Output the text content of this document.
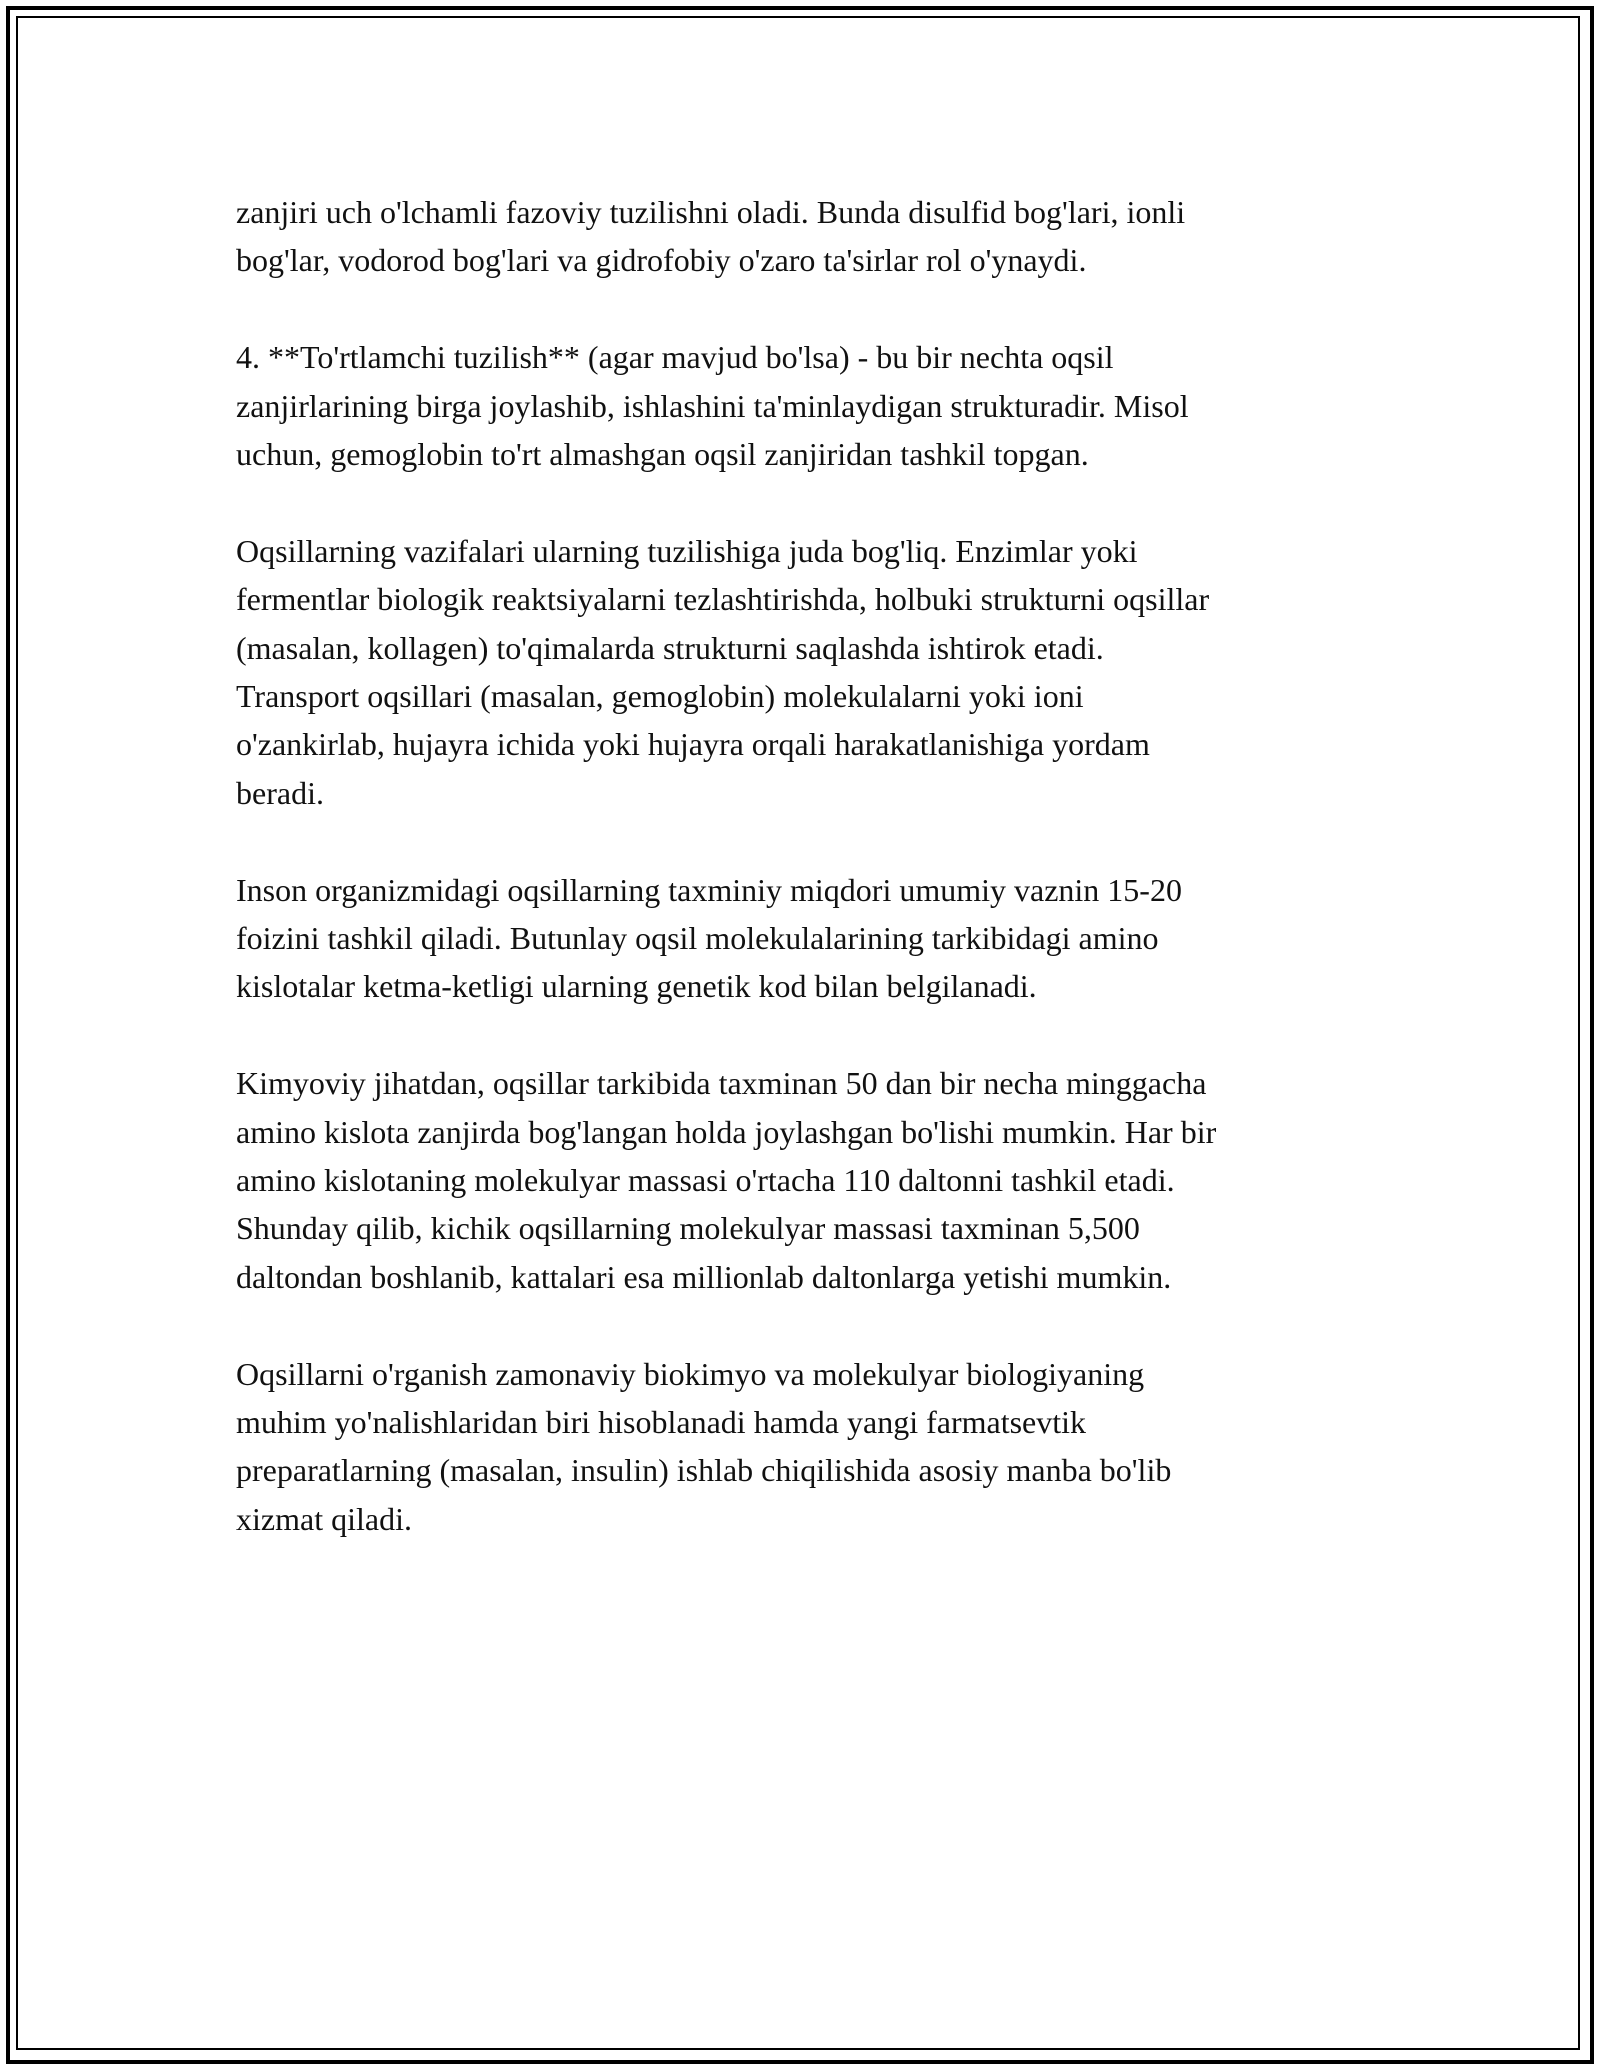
zanjiri uch o'lchamli fazoviy tuzilishni oladi. Bunda disulfid bog'lari, ionli
bog'lar, vodorod bog'lari va gidrofobiy o'zaro ta'sirlar rol o'ynaydi.

4. **To'rtlamchi tuzilish** (agar mavjud bo'lsa) - bu bir nechta oqsil
zanjirlarining birga joylashib, ishlashini ta'minlaydigan strukturadir. Misol
uchun, gemoglobin to'rt almashgan oqsil zanjiridan tashkil topgan.

Oqsillarning vazifalari ularning tuzilishiga juda bog'liq. Enzimlar yoki
fermentlar biologik reaktsiyalarni tezlashtirishda, holbuki strukturni oqsillar
(masalan, kollagen) to'qimalarda strukturni saqlashda ishtirok etadi.
Transport oqsillari (masalan, gemoglobin) molekulalarni yoki ioni
o'zankirlab, hujayra ichida yoki hujayra orqali harakatlanishiga yordam
beradi.

Inson organizmidagi oqsillarning taxminiy miqdori umumiy vaznin 15-20
foizini tashkil qiladi. Butunlay oqsil molekulalarining tarkibidagi amino
kislotalar ketma-ketligi ularning genetik kod bilan belgilanadi.

Kimyoviy jihatdan, oqsillar tarkibida taxminan 50 dan bir necha minggacha
amino kislota zanjirda bog'langan holda joylashgan bo'lishi mumkin. Har bir
amino kislotaning molekulyar massasi o'rtacha 110 daltonni tashkil etadi.
Shunday qilib, kichik oqsillarning molekulyar massasi taxminan 5,500
daltondan boshlanib, kattalari esa millionlab daltonlarga yetishi mumkin.

Oqsillarni o'rganish zamonaviy biokimyo va molekulyar biologiyaning
muhim yo'nalishlaridan biri hisoblanadi hamda yangi farmatsevtik
preparatlarning (masalan, insulin) ishlab chiqilishida asosiy manba bo'lib
xizmat qiladi.
